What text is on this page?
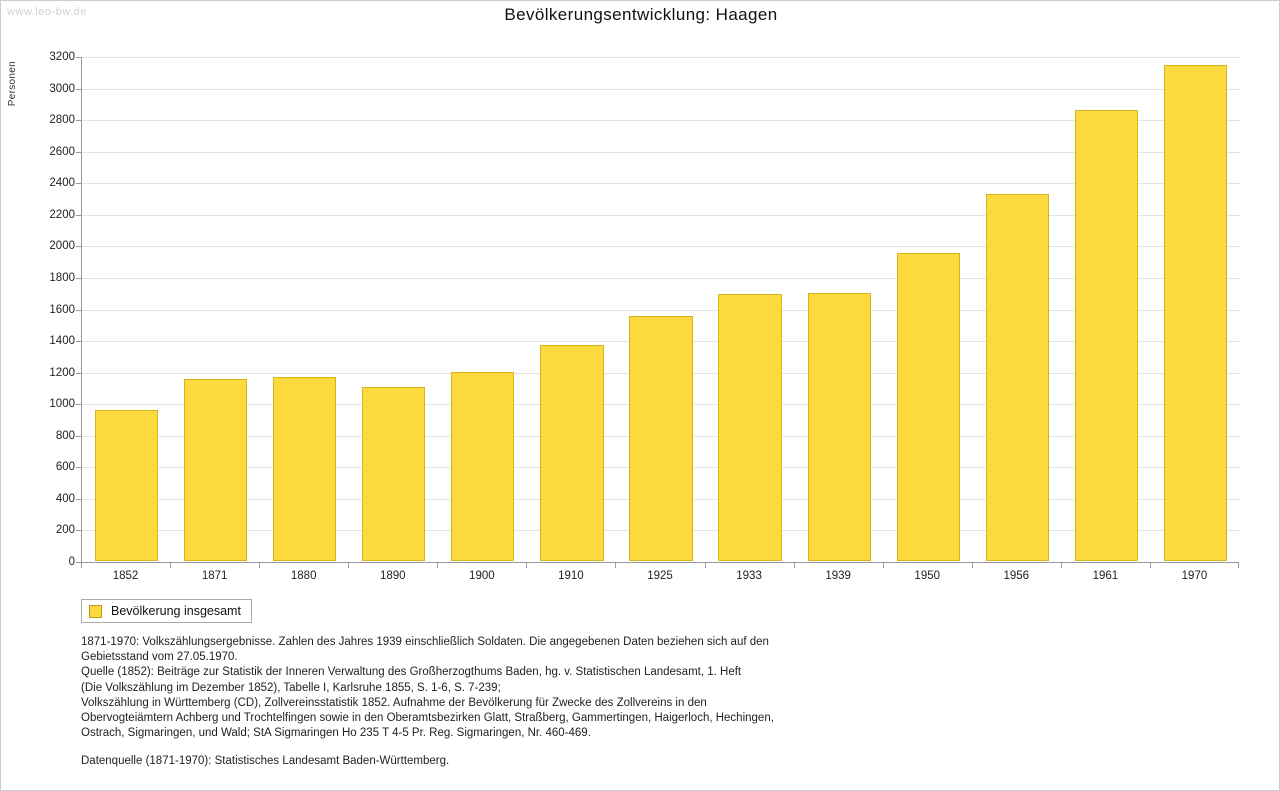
www.leo-bw.de	Bevölkerungsentwicklung: Haagen
Personen
0
200
400
600
800
1000
1200
1400
1600
1800
2000
2200
2400
2600
2800
3000
3200
1852	1871	1880	1890	1900	1910	1925	1933	1939	1950	1956	1961	1970
Bevölkerung insgesamt

1871-1970: Volkszählungsergebnisse. Zahlen des Jahres 1939 einschließlich Soldaten. Die angegebenen Daten beziehen sich auf den

Gebietsstand vom 27.05.1970.

Quelle (1852): Beiträge zur Statistik der Inneren Verwaltung des Großherzogthums Baden, hg. v. Statistischen Landesamt, 1. Heft

(Die Volkszählung im Dezember 1852), Tabelle I, Karlsruhe 1855, S. 1-6, S. 7-239;

Volkszählung in Württemberg (CD), Zollvereinsstatistik 1852. Aufnahme der Bevölkerung für Zwecke des Zollvereins in den

Obervogteiämtern Achberg und Trochtelfingen sowie in den Oberamtsbezirken Glatt, Straßberg, Gammertingen, Haigerloch, Hechingen,

Ostrach, Sigmaringen, und Wald; StA Sigmaringen Ho 235 T 4-5 Pr. Reg. Sigmaringen, Nr. 460-469.

Datenquelle (1871-1970): Statistisches Landesamt Baden-Württemberg.
